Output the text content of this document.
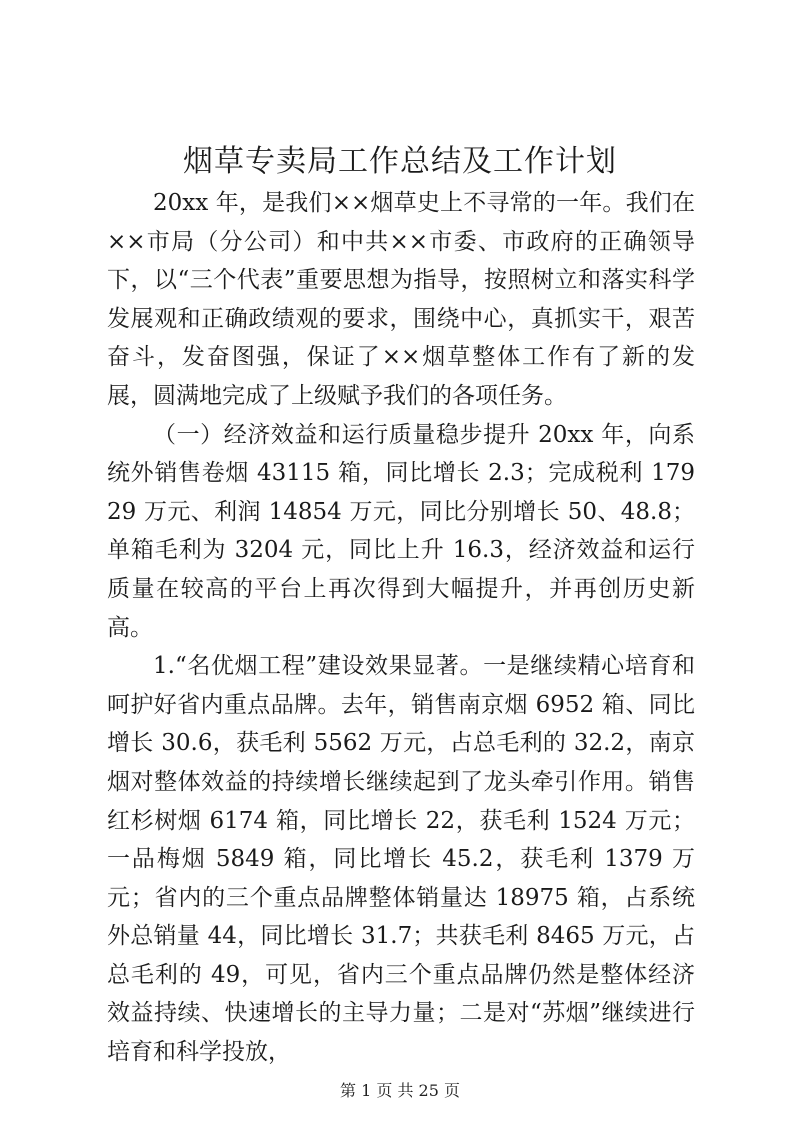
烟草专卖局工作总结及工作计划

20xx 年，是我们××烟草史上不寻常的一年。我们在××市局（分公司）和中共××市委、市政府的正确领导下，以“三个代表”重要思想为指导，按照树立和落实科学发展观和正确政绩观的要求，围绕中心，真抓实干，艰苦奋斗，发奋图强，保证了××烟草整体工作有了新的发展，圆满地完成了上级赋予我们的各项任务。

（一）经济效益和运行质量稳步提升 20xx 年，向系统外销售卷烟 43115 箱，同比增长 2.3；完成税利 17929 万元、利润 14854 万元，同比分别增长 50、48.8；单箱毛利为 3204 元，同比上升 16.3，经济效益和运行质量在较高的平台上再次得到大幅提升，并再创历史新高。

1.“名优烟工程”建设效果显著。一是继续精心培育和呵护好省内重点品牌。去年，销售南京烟 6952 箱、同比增长 30.6，获毛利 5562 万元，占总毛利的 32.2，南京烟对整体效益的持续增长继续起到了龙头牵引作用。销售红杉树烟 6174 箱，同比增长 22，获毛利 1524 万元；一品梅烟 5849 箱，同比增长 45.2，获毛利 1379 万元；省内的三个重点品牌整体销量达 18975 箱，占系统外总销量 44，同比增长 31.7；共获毛利 8465 万元，占总毛利的 49，可见，省内三个重点品牌仍然是整体经济效益持续、快速增长的主导力量；二是对“苏烟”继续进行培育和科学投放，

第 1 页 共 25 页
